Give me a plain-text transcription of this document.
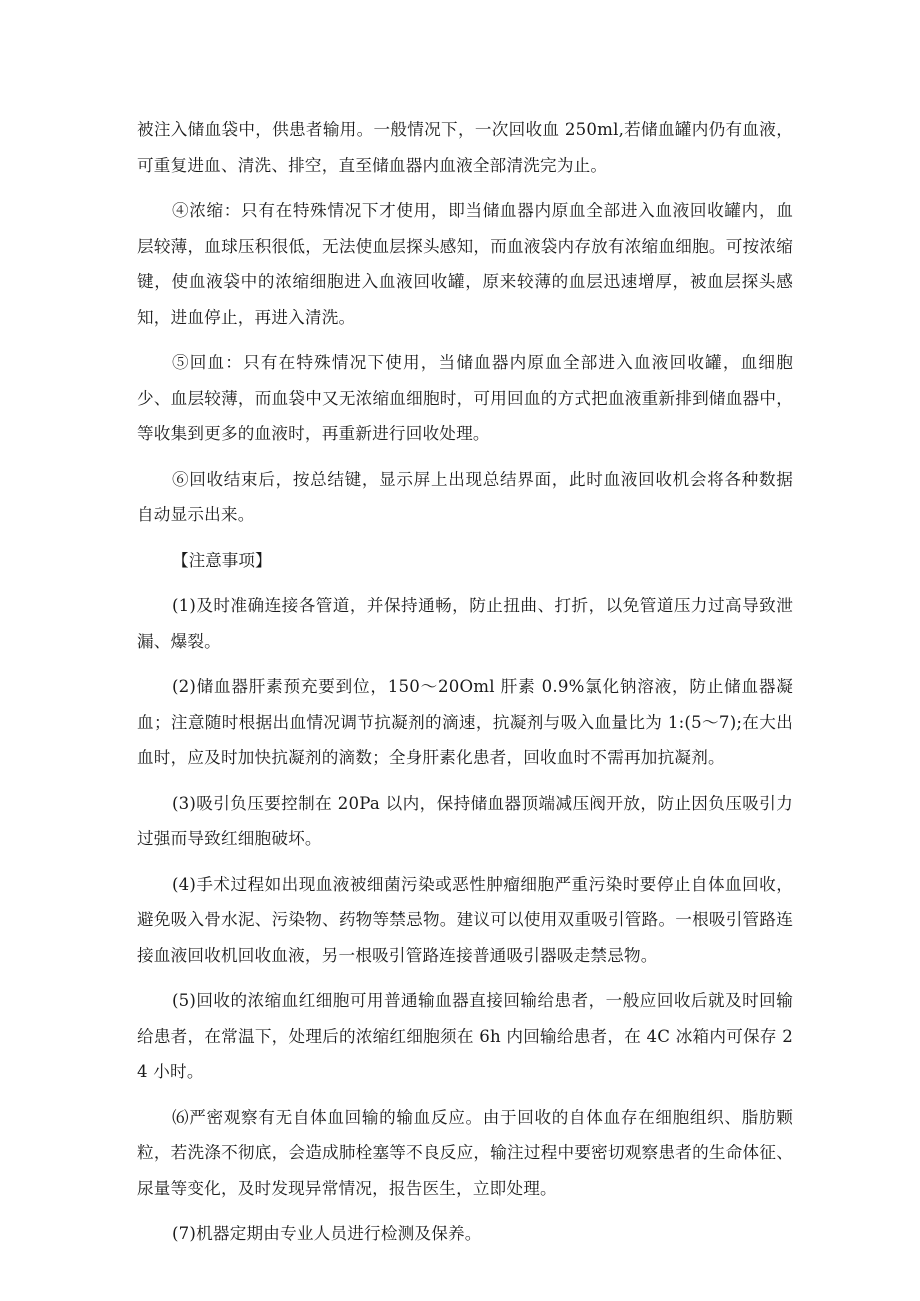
被注入储血袋中，供患者输用。一般情况下，一次回收血 250ml,若储血罐内仍有血液，可重复进血、清洗、排空，直至储血器内血液全部清洗完为止。

④浓缩：只有在特殊情况下才使用，即当储血器内原血全部进入血液回收罐内，血层较薄，血球压积很低，无法使血层探头感知，而血液袋内存放有浓缩血细胞。可按浓缩键，使血液袋中的浓缩细胞进入血液回收罐，原来较薄的血层迅速增厚，被血层探头感知，进血停止，再进入清洗。

⑤回血：只有在特殊情况下使用，当储血器内原血全部进入血液回收罐，血细胞少、血层较薄，而血袋中又无浓缩血细胞时，可用回血的方式把血液重新排到储血器中，等收集到更多的血液时，再重新进行回收处理。

⑥回收结束后，按总结键，显示屏上出现总结界面，此时血液回收机会将各种数据自动显示出来。

【注意事项】

(1)及时准确连接各管道，并保持通畅，防止扭曲、打折，以免管道压力过高导致泄漏、爆裂。

(2)储血器肝素预充要到位，150～20Oml 肝素 0.9%氯化钠溶液，防止储血器凝血；注意随时根据出血情况调节抗凝剂的滴速，抗凝剂与吸入血量比为 1:(5～7);在大出血时，应及时加快抗凝剂的滴数；全身肝素化患者，回收血时不需再加抗凝剂。

(3)吸引负压要控制在 20Pa 以内，保持储血器顶端减压阀开放，防止因负压吸引力过强而导致红细胞破坏。

(4)手术过程如出现血液被细菌污染或恶性肿瘤细胞严重污染时要停止自体血回收，避免吸入骨水泥、污染物、药物等禁忌物。建议可以使用双重吸引管路。一根吸引管路连接血液回收机回收血液，另一根吸引管路连接普通吸引器吸走禁忌物。

(5)回收的浓缩血红细胞可用普通输血器直接回输给患者，一般应回收后就及时回输给患者，在常温下，处理后的浓缩红细胞须在 6h 内回输给患者，在 4C 冰箱内可保存 24 小时。

⑹严密观察有无自体血回输的输血反应。由于回收的自体血存在细胞组织、脂肪颗粒，若洗涤不彻底，会造成肺栓塞等不良反应，输注过程中要密切观察患者的生命体征、尿量等变化，及时发现异常情况，报告医生，立即处理。

(7)机器定期由专业人员进行检测及保养。
